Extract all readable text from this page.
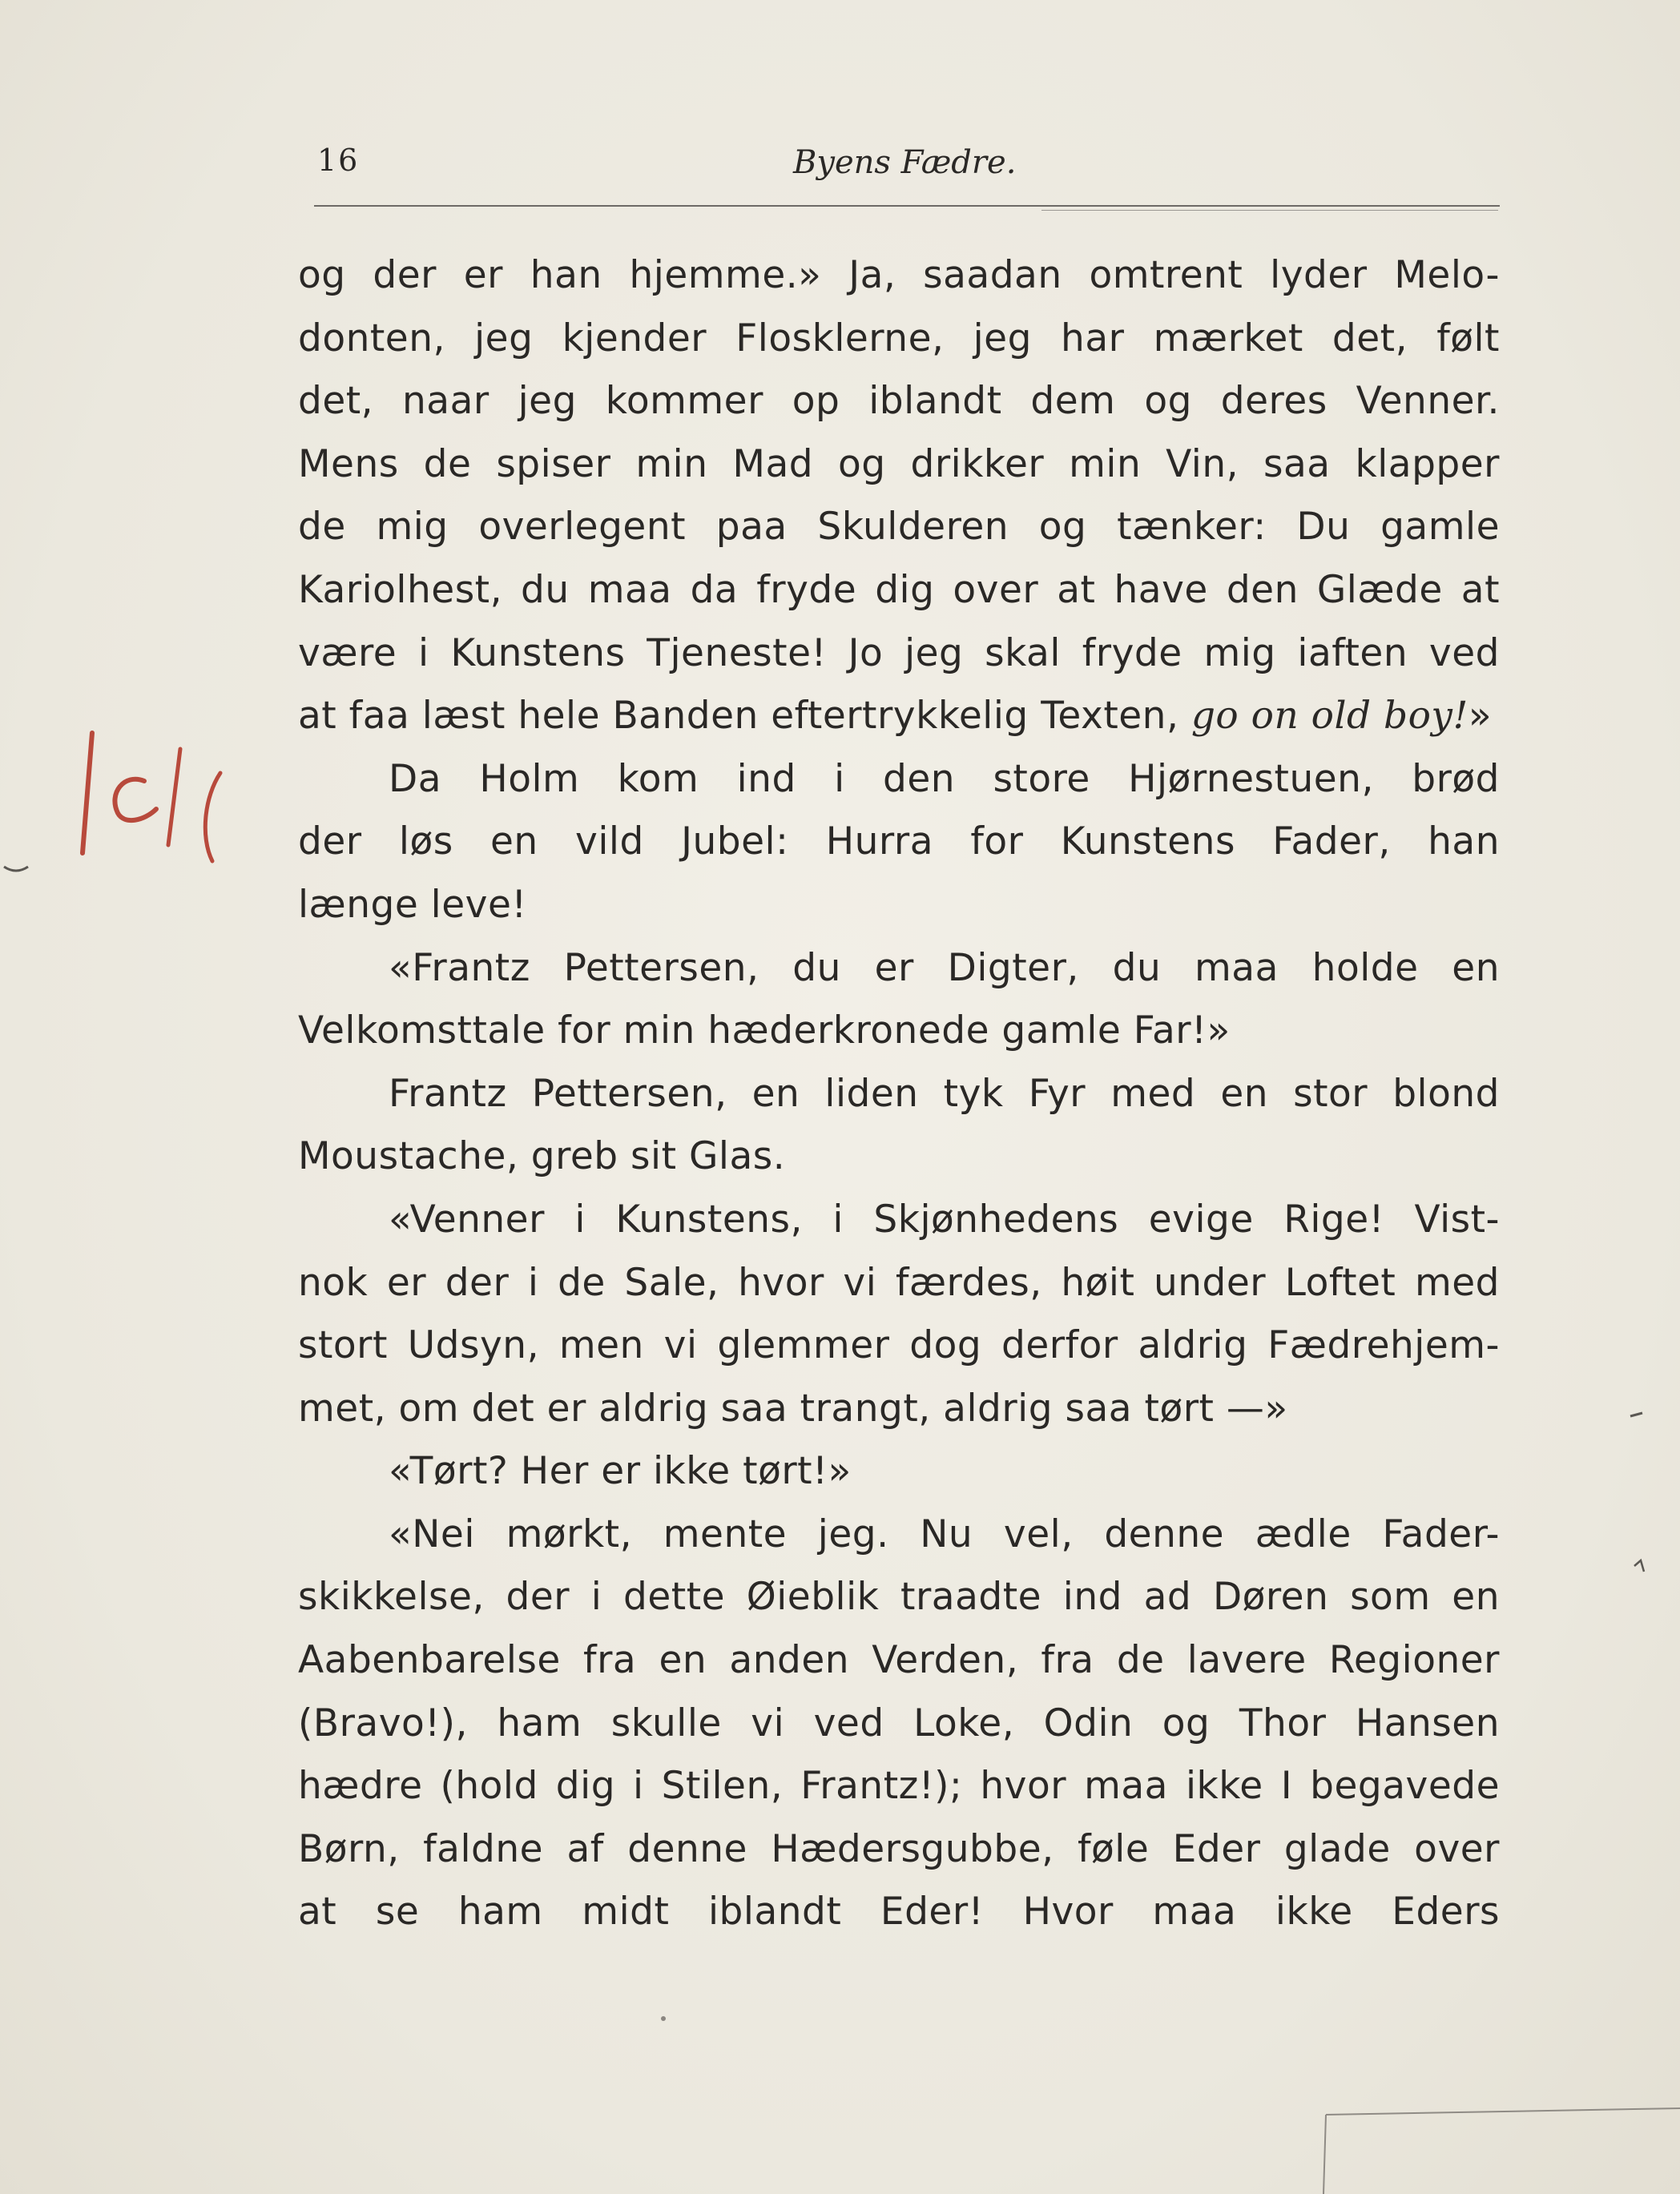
16	Byens Fædre.
og der er han hjemme.» Ja, saadan omtrent lyder Melo-
donten, jeg kjender Flosklerne, jeg har mærket det, følt
det, naar jeg kommer op iblandt dem og deres Venner.
Mens de spiser min Mad og drikker min Vin, saa klapper
de mig overlegent paa Skulderen og tænker: Du gamle
Kariolhest, du maa da fryde dig over at have den Glæde at
være i Kunstens Tjeneste! Jo jeg skal fryde mig iaften ved
at faa læst hele Banden eftertrykkelig Texten, go on old boy!»
Da Holm kom ind i den store Hjørnestuen, brød
der løs en vild Jubel: Hurra for Kunstens Fader, han
længe leve!
«Frantz Pettersen, du er Digter, du maa holde en
Velkomsttale for min hæderkronede gamle Far!»
Frantz Pettersen, en liden tyk Fyr med en stor blond
Moustache, greb sit Glas.
«Venner i Kunstens, i Skjønhedens evige Rige! Vist-
nok er der i de Sale, hvor vi færdes, høit under Loftet med
stort Udsyn, men vi glemmer dog derfor aldrig Fædrehjem-
met, om det er aldrig saa trangt, aldrig saa tørt —»
«Tørt? Her er ikke tørt!»
«Nei mørkt, mente jeg. Nu vel, denne ædle Fader-
skikkelse, der i dette Øieblik traadte ind ad Døren som en
Aabenbarelse fra en anden Verden, fra de lavere Regioner
(Bravo!), ham skulle vi ved Loke, Odin og Thor Hansen
hædre (hold dig i Stilen, Frantz!); hvor maa ikke I begavede
Børn, faldne af denne Hædersgubbe, føle Eder glade over
at se ham midt iblandt Eder! Hvor maa ikke Eders
